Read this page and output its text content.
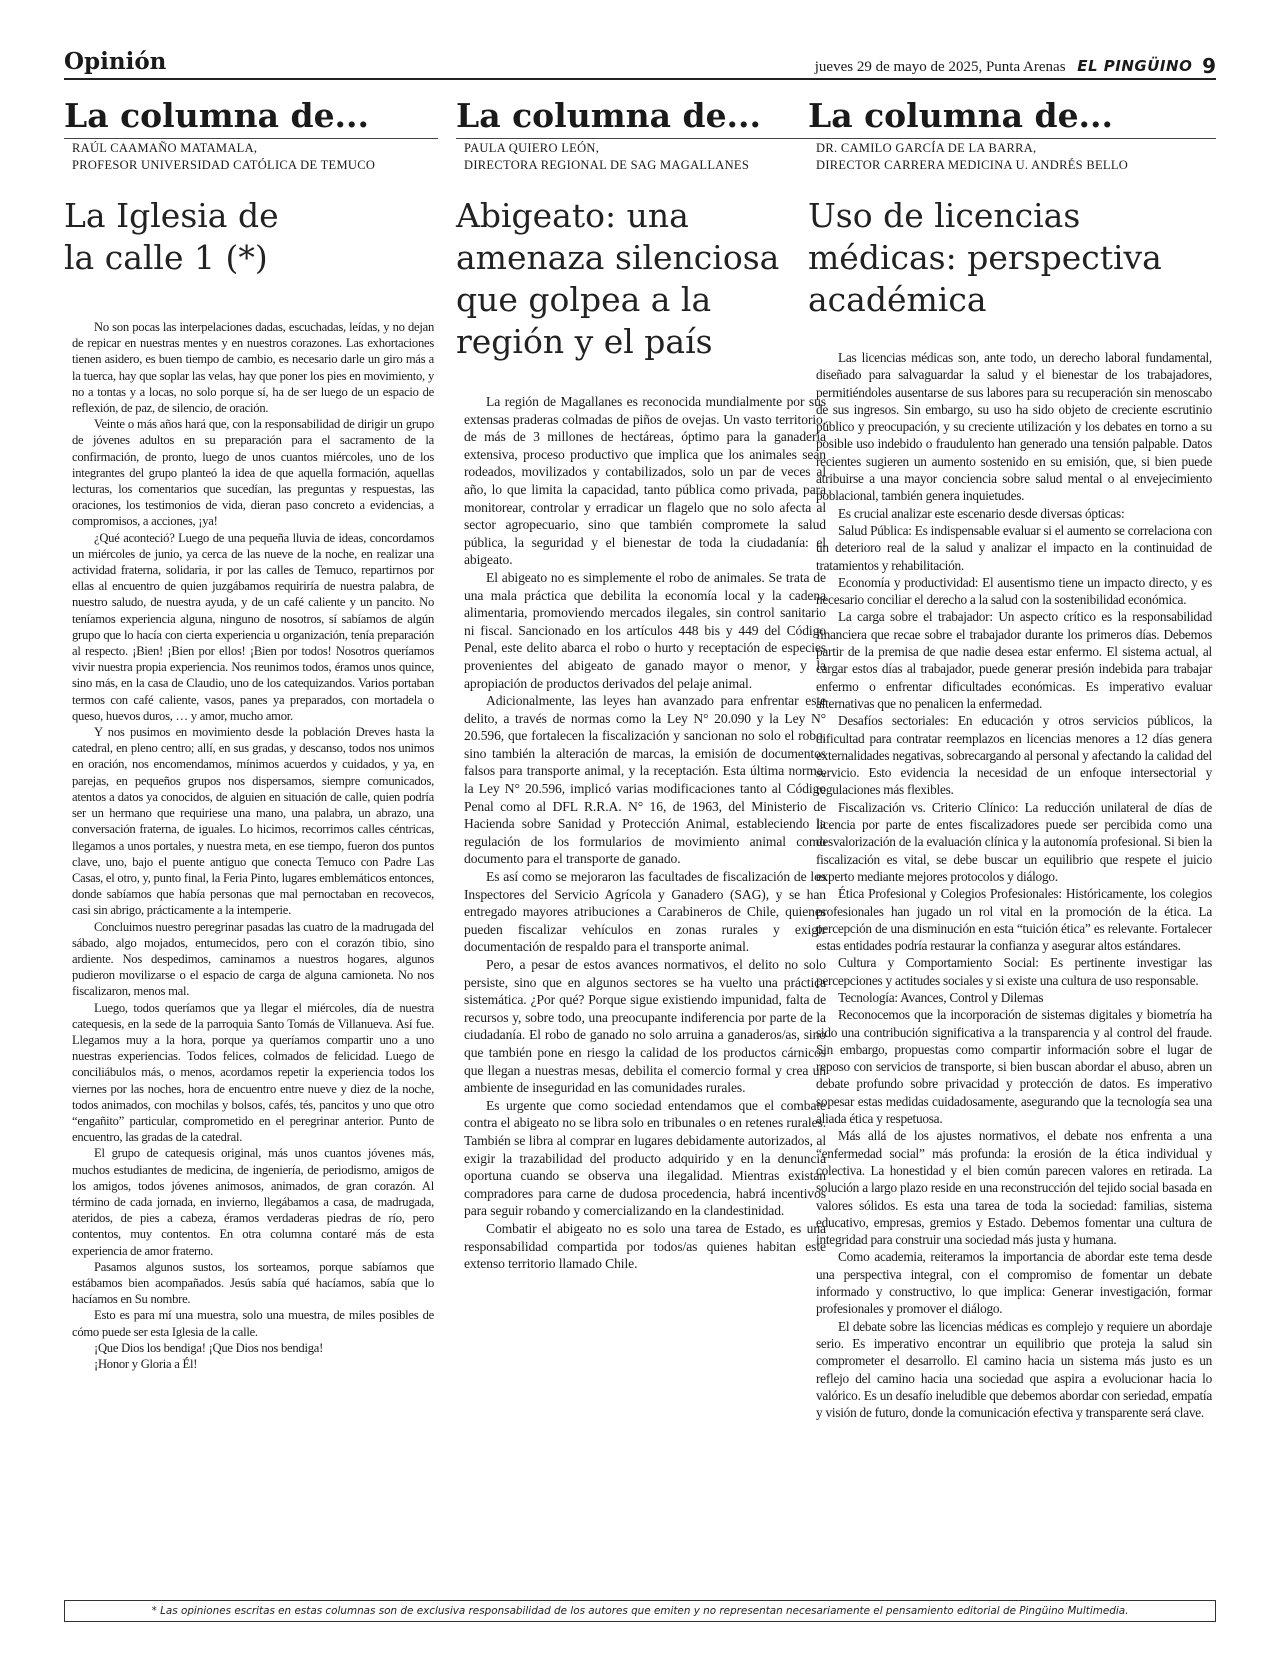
Opinión	jueves 29 de mayo de 2025, Punta Arenas EL PINGÜINO 9
La columna de...
RAÚL CAAMAÑO MATAMALA,
PROFESOR UNIVERSIDAD CATÓLICA DE TEMUCO
La Iglesia de la calle 1 (*)

No son pocas las interpelaciones dadas, escuchadas, leídas, y no dejan de repicar en nuestras mentes y en nuestros corazones. Las exhortaciones tienen asidero, es buen tiempo de cambio, es necesario darle un giro más a la tuerca, hay que soplar las velas, hay que poner los pies en movimiento, y no a tontas y a locas, no solo porque sí, ha de ser luego de un espacio de reflexión, de paz, de silencio, de oración.

Veinte o más años hará que, con la responsabilidad de dirigir un grupo de jóvenes adultos en su preparación para el sacramento de la confirmación, de pronto, luego de unos cuantos miércoles, uno de los integrantes del grupo planteó la idea de que aquella formación, aquellas lecturas, los comentarios que sucedían, las preguntas y respuestas, las oraciones, los testimonios de vida, dieran paso concreto a evidencias, a compromisos, a acciones, ¡ya!

¿Qué aconteció? Luego de una pequeña lluvia de ideas, concordamos un miércoles de junio, ya cerca de las nueve de la noche, en realizar una actividad fraterna, solidaria, ir por las calles de Temuco, repartirnos por ellas al encuentro de quien juzgábamos requiriría de nuestra palabra, de nuestro saludo, de nuestra ayuda, y de un café caliente y un pancito. No teníamos experiencia alguna, ninguno de nosotros, sí sabíamos de algún grupo que lo hacía con cierta experiencia u organización, tenía preparación al respecto. ¡Bien! ¡Bien por ellos! ¡Bien por todos! Nosotros queríamos vivir nuestra propia experiencia. Nos reunimos todos, éramos unos quince, sino más, en la casa de Claudio, uno de los catequizandos. Varios portaban termos con café caliente, vasos, panes ya preparados, con mortadela o queso, huevos duros, … y amor, mucho amor.

Y nos pusimos en movimiento desde la población Dreves hasta la catedral, en pleno centro; allí, en sus gradas, y descanso, todos nos unimos en oración, nos encomendamos, mínimos acuerdos y cuidados, y ya, en parejas, en pequeños grupos nos dispersamos, siempre comunicados, atentos a datos ya conocidos, de alguien en situación de calle, quien podría ser un hermano que requiriese una mano, una palabra, un abrazo, una conversación fraterna, de iguales. Lo hicimos, recorrimos calles céntricas, llegamos a unos portales, y nuestra meta, en ese tiempo, fueron dos puntos clave, uno, bajo el puente antiguo que conecta Temuco con Padre Las Casas, el otro, y, punto final, la Feria Pinto, lugares emblemáticos entonces, donde sabíamos que había personas que mal pernoctaban en recovecos, casi sin abrigo, prácticamente a la intemperie.

Concluimos nuestro peregrinar pasadas las cuatro de la madrugada del sábado, algo mojados, entumecidos, pero con el corazón tibio, sino ardiente. Nos despedimos, caminamos a nuestros hogares, algunos pudieron movilizarse o el espacio de carga de alguna camioneta. No nos fiscalizaron, menos mal.

Luego, todos queríamos que ya llegar el miércoles, día de nuestra catequesis, en la sede de la parroquia Santo Tomás de Villanueva. Así fue. Llegamos muy a la hora, porque ya queríamos compartir uno a uno nuestras experiencias. Todos felices, colmados de felicidad. Luego de conciliábulos más, o menos, acordamos repetir la experiencia todos los viernes por las noches, hora de encuentro entre nueve y diez de la noche, todos animados, con mochilas y bolsos, cafés, tés, pancitos y uno que otro “engañito” particular, comprometido en el peregrinar anterior. Punto de encuentro, las gradas de la catedral.

El grupo de catequesis original, más unos cuantos jóvenes más, muchos estudiantes de medicina, de ingeniería, de periodismo, amigos de los amigos, todos jóvenes animosos, animados, de gran corazón. Al término de cada jornada, en invierno, llegábamos a casa, de madrugada, ateridos, de pies a cabeza, éramos verdaderas piedras de río, pero contentos, muy contentos. En otra columna contaré más de esta experiencia de amor fraterno.

Pasamos algunos sustos, los sorteamos, porque sabíamos que estábamos bien acompañados. Jesús sabía qué hacíamos, sabía que lo hacíamos en Su nombre.

Esto es para mí una muestra, solo una muestra, de miles posibles de cómo puede ser esta Iglesia de la calle.

¡Que Dios los bendiga! ¡Que Dios nos bendiga!

¡Honor y Gloria a Él!

La columna de...
PAULA QUIERO LEÓN,
DIRECTORA REGIONAL DE SAG MAGALLANES
Abigeato: una amenaza silenciosa que golpea a la región y el país

La región de Magallanes es reconocida mundialmente por sus extensas praderas colmadas de piños de ovejas. Un vasto territorio, de más de 3 millones de hectáreas, óptimo para la ganadería extensiva, proceso productivo que implica que los animales sean rodeados, movilizados y contabilizados, solo un par de veces al año, lo que limita la capacidad, tanto pública como privada, para monitorear, controlar y erradicar un flagelo que no solo afecta al sector agropecuario, sino que también compromete la salud pública, la seguridad y el bienestar de toda la ciudadanía: el abigeato.

El abigeato no es simplemente el robo de animales. Se trata de una mala práctica que debilita la economía local y la cadena alimentaria, promoviendo mercados ilegales, sin control sanitario ni fiscal. Sancionado en los artículos 448 bis y 449 del Código Penal, este delito abarca el robo o hurto y receptación de especies provenientes del abigeato de ganado mayor o menor, y la apropiación de productos derivados del pelaje animal.

Adicionalmente, las leyes han avanzado para enfrentar este delito, a través de normas como la Ley N° 20.090 y la Ley N° 20.596, que fortalecen la fiscalización y sancionan no solo el robo, sino también la alteración de marcas, la emisión de documentos falsos para transporte animal, y la receptación. Esta última norma, la Ley N° 20.596, implicó varias modificaciones tanto al Código Penal como al DFL R.R.A. N° 16, de 1963, del Ministerio de Hacienda sobre Sanidad y Protección Animal, estableciendo la regulación de los formularios de movimiento animal como documento para el transporte de ganado.

Es así como se mejoraron las facultades de fiscalización de los Inspectores del Servicio Agrícola y Ganadero (SAG), y se han entregado mayores atribuciones a Carabineros de Chile, quienes pueden fiscalizar vehículos en zonas rurales y exigir documentación de respaldo para el transporte animal.

Pero, a pesar de estos avances normativos, el delito no solo persiste, sino que en algunos sectores se ha vuelto una práctica sistemática. ¿Por qué? Porque sigue existiendo impunidad, falta de recursos y, sobre todo, una preocupante indiferencia por parte de la ciudadanía. El robo de ganado no solo arruina a ganaderos/as, sino que también pone en riesgo la calidad de los productos cárnicos que llegan a nuestras mesas, debilita el comercio formal y crea un ambiente de inseguridad en las comunidades rurales.

Es urgente que como sociedad entendamos que el combate contra el abigeato no se libra solo en tribunales o en retenes rurales. También se libra al comprar en lugares debidamente autorizados, al exigir la trazabilidad del producto adquirido y en la denuncia oportuna cuando se observa una ilegalidad. Mientras existan compradores para carne de dudosa procedencia, habrá incentivos para seguir robando y comercializando en la clandestinidad.

Combatir el abigeato no es solo una tarea de Estado, es una responsabilidad compartida por todos/as quienes habitan este extenso territorio llamado Chile.

La columna de...
DR. CAMILO GARCÍA DE LA BARRA,
DIRECTOR CARRERA MEDICINA U. ANDRÉS BELLO
Uso de licencias médicas: perspectiva académica

Las licencias médicas son, ante todo, un derecho laboral fundamental, diseñado para salvaguardar la salud y el bienestar de los trabajadores, permitiéndoles ausentarse de sus labores para su recuperación sin menoscabo de sus ingresos. Sin embargo, su uso ha sido objeto de creciente escrutinio público y preocupación, y su creciente utilización y los debates en torno a su posible uso indebido o fraudulento han generado una tensión palpable. Datos recientes sugieren un aumento sostenido en su emisión, que, si bien puede atribuirse a una mayor conciencia sobre salud mental o al envejecimiento poblacional, también genera inquietudes.

Es crucial analizar este escenario desde diversas ópticas:

Salud Pública: Es indispensable evaluar si el aumento se correlaciona con un deterioro real de la salud y analizar el impacto en la continuidad de tratamientos y rehabilitación.

Economía y productividad: El ausentismo tiene un impacto directo, y es necesario conciliar el derecho a la salud con la sostenibilidad económica.

La carga sobre el trabajador: Un aspecto crítico es la responsabilidad financiera que recae sobre el trabajador durante los primeros días. Debemos partir de la premisa de que nadie desea estar enfermo. El sistema actual, al cargar estos días al trabajador, puede generar presión indebida para trabajar enfermo o enfrentar dificultades económicas. Es imperativo evaluar alternativas que no penalicen la enfermedad.

Desafíos sectoriales: En educación y otros servicios públicos, la dificultad para contratar reemplazos en licencias menores a 12 días genera externalidades negativas, sobrecargando al personal y afectando la calidad del servicio. Esto evidencia la necesidad de un enfoque intersectorial y regulaciones más flexibles.

Fiscalización vs. Criterio Clínico: La reducción unilateral de días de licencia por parte de entes fiscalizadores puede ser percibida como una desvalorización de la evaluación clínica y la autonomía profesional. Si bien la fiscalización es vital, se debe buscar un equilibrio que respete el juicio experto mediante mejores protocolos y diálogo.

Ética Profesional y Colegios Profesionales: Históricamente, los colegios profesionales han jugado un rol vital en la promoción de la ética. La percepción de una disminución en esta “tuición ética” es relevante. Fortalecer estas entidades podría restaurar la confianza y asegurar altos estándares.

Cultura y Comportamiento Social: Es pertinente investigar las percepciones y actitudes sociales y si existe una cultura de uso responsable.

Tecnología: Avances, Control y Dilemas

Reconocemos que la incorporación de sistemas digitales y biometría ha sido una contribución significativa a la transparencia y al control del fraude. Sin embargo, propuestas como compartir información sobre el lugar de reposo con servicios de transporte, si bien buscan abordar el abuso, abren un debate profundo sobre privacidad y protección de datos. Es imperativo sopesar estas medidas cuidadosamente, asegurando que la tecnología sea una aliada ética y respetuosa.

Más allá de los ajustes normativos, el debate nos enfrenta a una “enfermedad social” más profunda: la erosión de la ética individual y colectiva. La honestidad y el bien común parecen valores en retirada. La solución a largo plazo reside en una reconstrucción del tejido social basada en valores sólidos. Es esta una tarea de toda la sociedad: familias, sistema educativo, empresas, gremios y Estado. Debemos fomentar una cultura de integridad para construir una sociedad más justa y humana.

Como academia, reiteramos la importancia de abordar este tema desde una perspectiva integral, con el compromiso de fomentar un debate informado y constructivo, lo que implica: Generar investigación, formar profesionales y promover el diálogo.

El debate sobre las licencias médicas es complejo y requiere un abordaje serio. Es imperativo encontrar un equilibrio que proteja la salud sin comprometer el desarrollo. El camino hacia un sistema más justo es un reflejo del camino hacia una sociedad que aspira a evolucionar hacia lo valórico. Es un desafío ineludible que debemos abordar con seriedad, empatía y visión de futuro, donde la comunicación efectiva y transparente será clave.

* Las opiniones escritas en estas columnas son de exclusiva responsabilidad de los autores que emiten y no representan necesariamente el pensamiento editorial de Pingüino Multimedia.
